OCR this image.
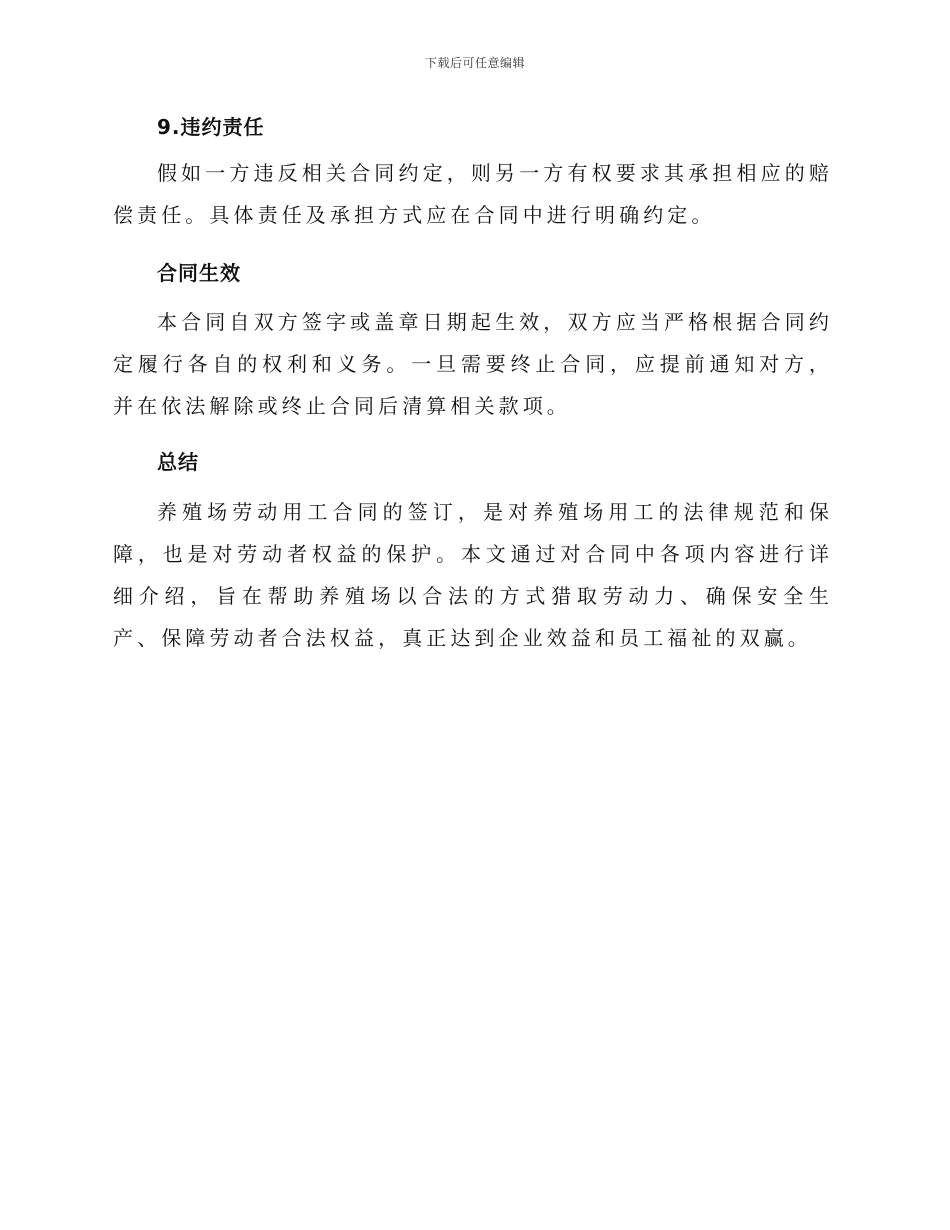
下载后可任意编辑
9.违约责任

假如一方违反相关合同约定，则另一方有权要求其承担相应的赔偿责任。具体责任及承担方式应在合同中进行明确约定。

合同生效

本合同自双方签字或盖章日期起生效，双方应当严格根据合同约定履行各自的权利和义务。一旦需要终止合同，应提前通知对方，并在依法解除或终止合同后清算相关款项。

总结

养殖场劳动用工合同的签订，是对养殖场用工的法律规范和保障，也是对劳动者权益的保护。本文通过对合同中各项内容进行详细介绍，旨在帮助养殖场以合法的方式猎取劳动力、确保安全生产、保障劳动者合法权益，真正达到企业效益和员工福祉的双赢。
